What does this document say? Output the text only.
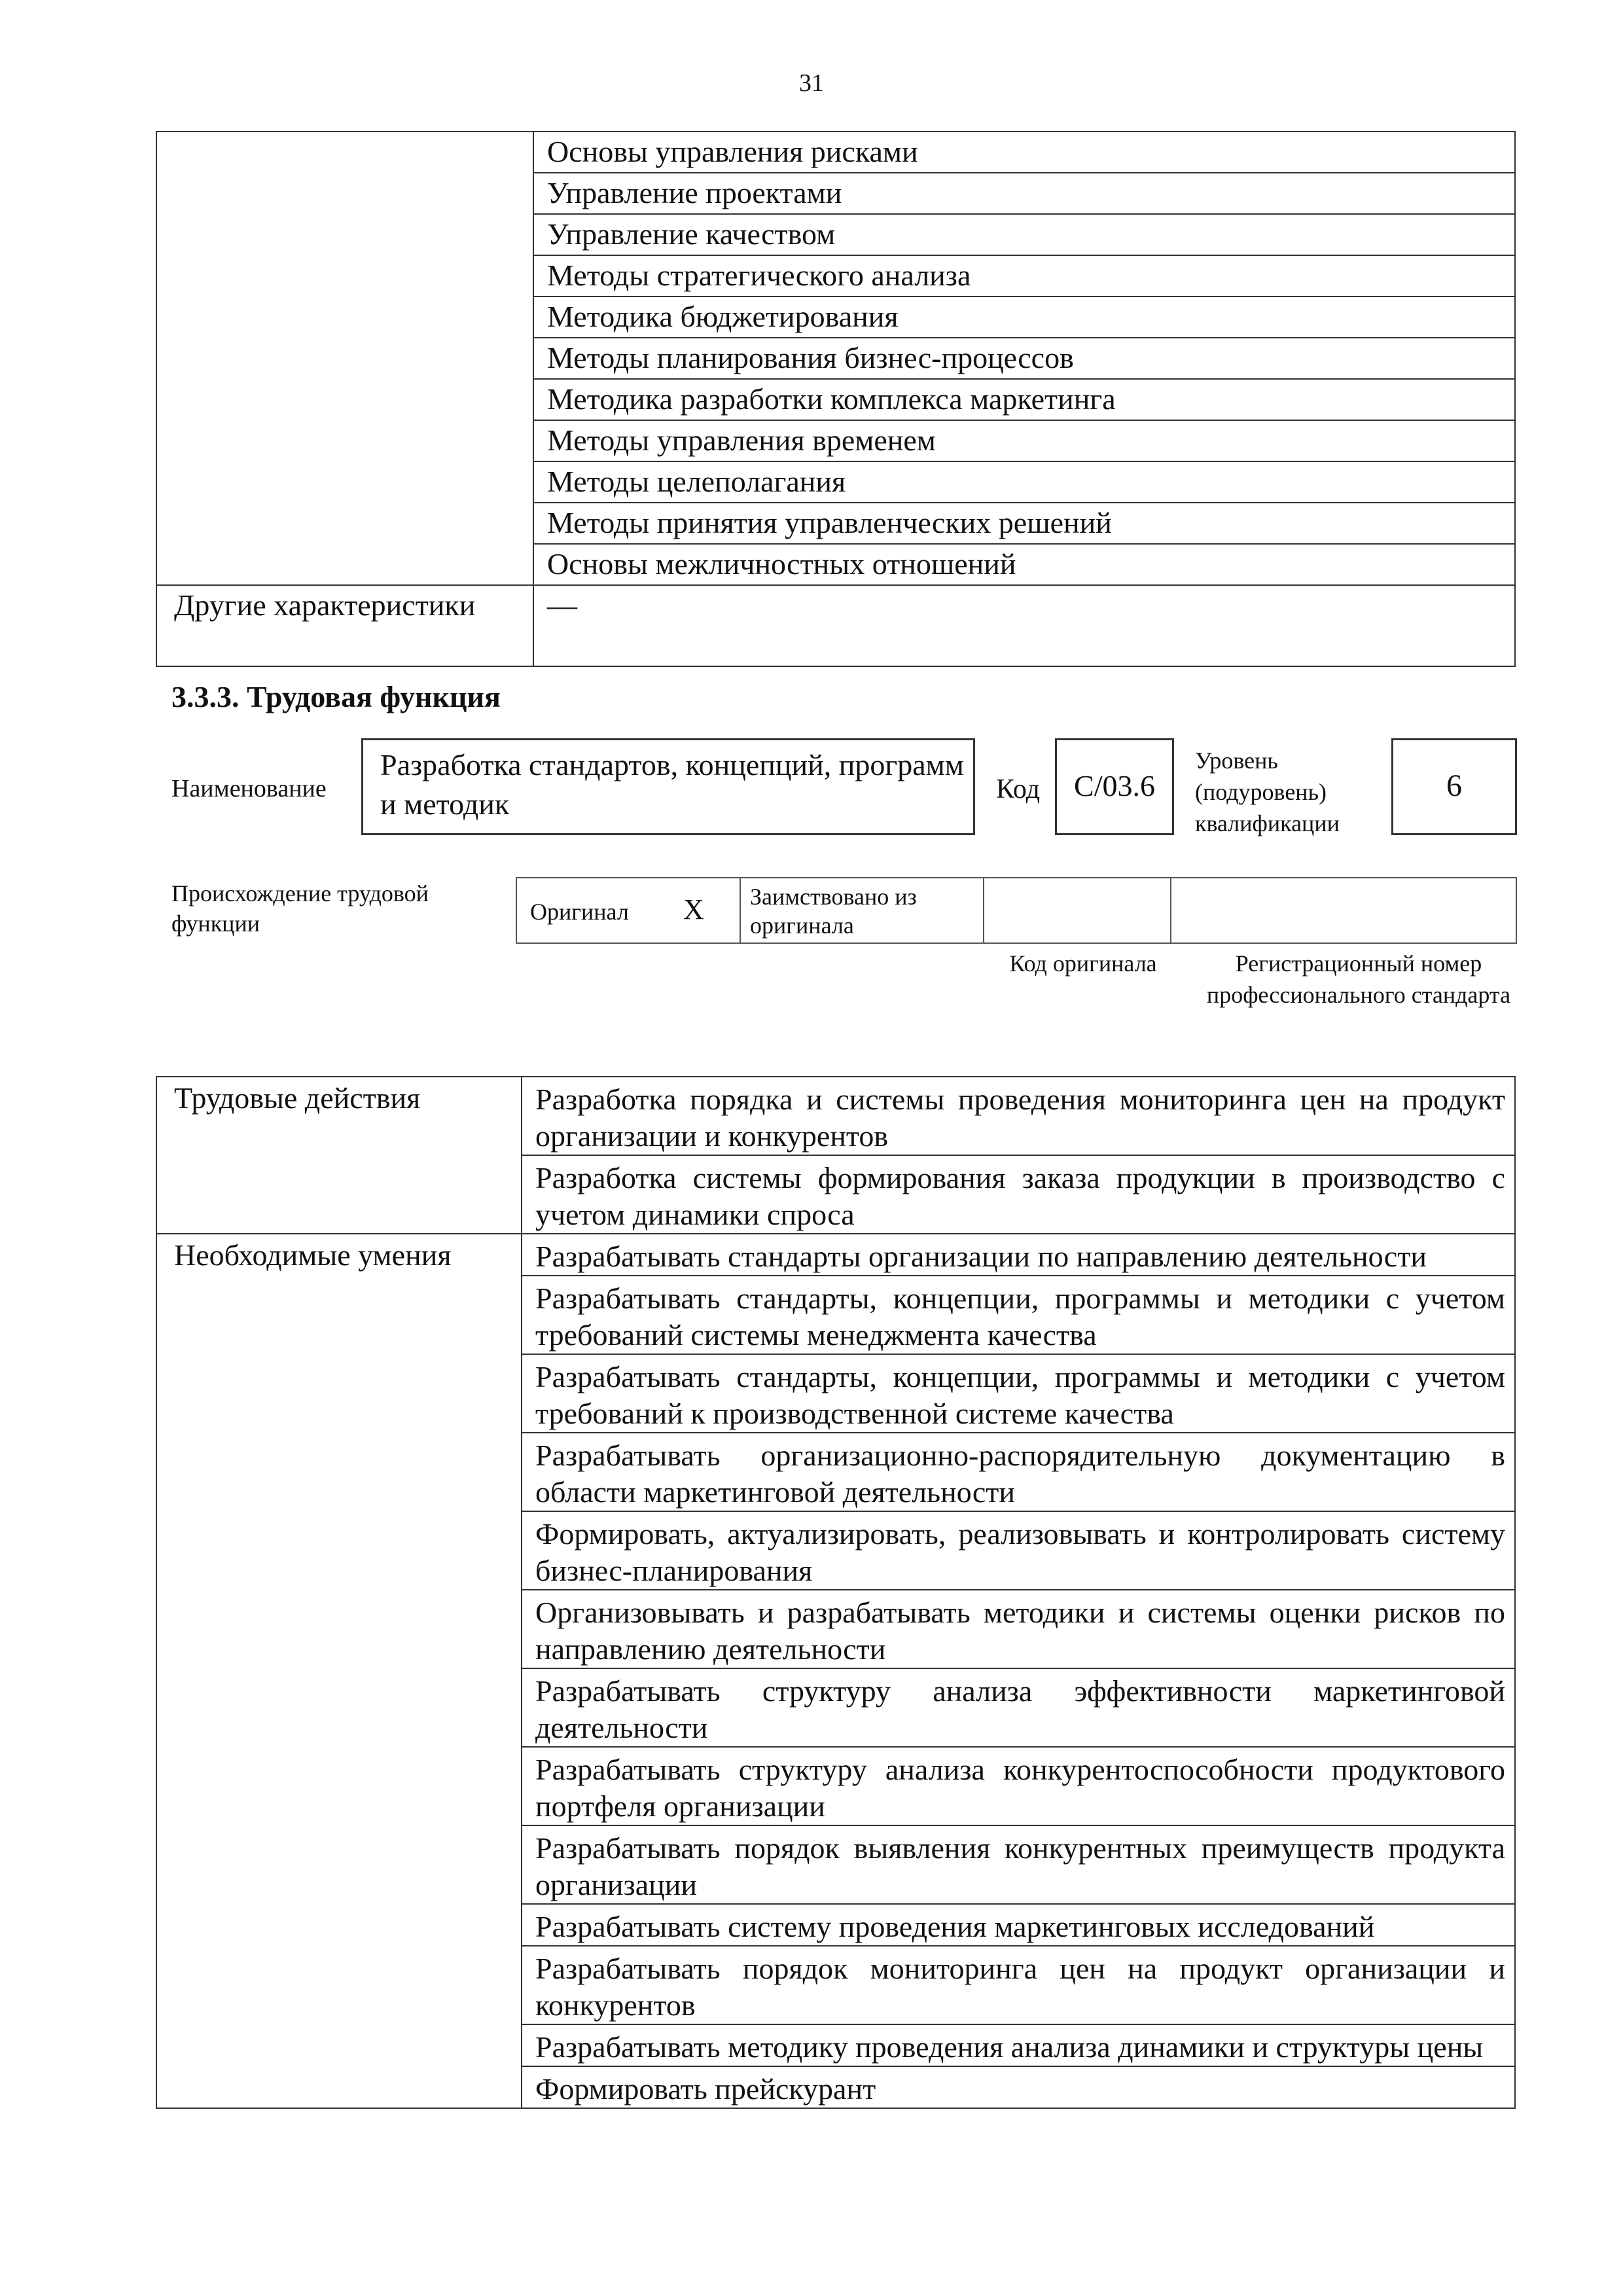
31
	Основы управления рисками
	Управление проектами
	Управление качеством
	Методы стратегического анализа
	Методика бюджетирования
	Методы планирования бизнес-процессов
	Методика разработки комплекса маркетинга
	Методы управления временем
	Методы целеполагания
	Методы принятия управленческих решений
	Основы межличностных отношений
Другие характеристики	—
3.3.3. Трудовая функция
Наименование
Разработка стандартов, концепций, программ и методик	Код	C/03.6
Уровень (подуровень) квалификации
6
Происхождение трудовой функции	Оригинал X Заимствовано из оригинала
Код оригинала	Регистрационный номер профессионального стандарта
Трудовые действия	Разработка порядка и системы проведения мониторинга цен на продукт организации и конкурентов
	Разработка системы формирования заказа продукции в производство с учетом динамики спроса
Необходимые умения	Разрабатывать стандарты организации по направлению деятельности
	Разрабатывать стандарты, концепции, программы и методики с учетом требований системы менеджмента качества
	Разрабатывать стандарты, концепции, программы и методики с учетом требований к производственной системе качества
	Разрабатывать организационно-распорядительную документацию в области маркетинговой деятельности
	Формировать, актуализировать, реализовывать и контролировать систему бизнес-планирования
	Организовывать и разрабатывать методики и системы оценки рисков по направлению деятельности
	Разрабатывать структуру анализа эффективности маркетинговой деятельности
	Разрабатывать структуру анализа конкурентоспособности продуктового портфеля организации
	Разрабатывать порядок выявления конкурентных преимуществ продукта организации
	Разрабатывать систему проведения маркетинговых исследований
	Разрабатывать порядок мониторинга цен на продукт организации и конкурентов
	Разрабатывать методику проведения анализа динамики и структуры цены
	Формировать прейскурант
